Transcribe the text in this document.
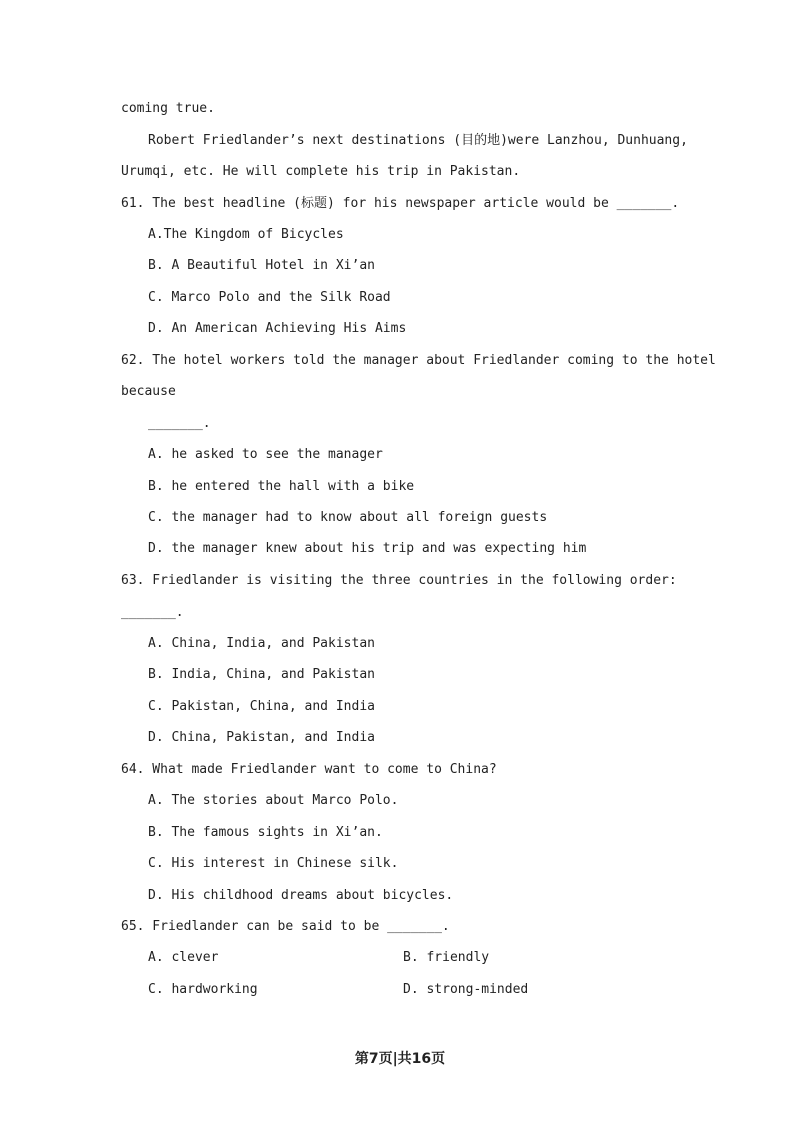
coming true.
Robert Friedlander’s next destinations (目的地)were Lanzhou, Dunhuang,
Urumqi, etc. He will complete his trip in Pakistan.
61. The best headline (标题) for his newspaper article would be _______.
A.The Kingdom of Bicycles
B. A Beautiful Hotel in Xi’an
C. Marco Polo and the Silk Road
D. An American Achieving His Aims
62. The hotel workers told the manager about Friedlander coming to the hotel
because
_______.
A. he asked to see the manager
B. he entered the hall with a bike
C. the manager had to know about all foreign guests
D. the manager knew about his trip and was expecting him
63. Friedlander is visiting the three countries in the following order:
_______.
A. China, India, and Pakistan
B. India, China, and Pakistan
C. Pakistan, China, and India
D. China, Pakistan, and India
64. What made Friedlander want to come to China?
A. The stories about Marco Polo.
B. The famous sights in Xi’an.
C. His interest in Chinese silk.
D. His childhood dreams about bicycles.
65. Friedlander can be said to be _______.
A. clever	B. friendly
C. hardworking	D. strong-minded
第7页|共16页
